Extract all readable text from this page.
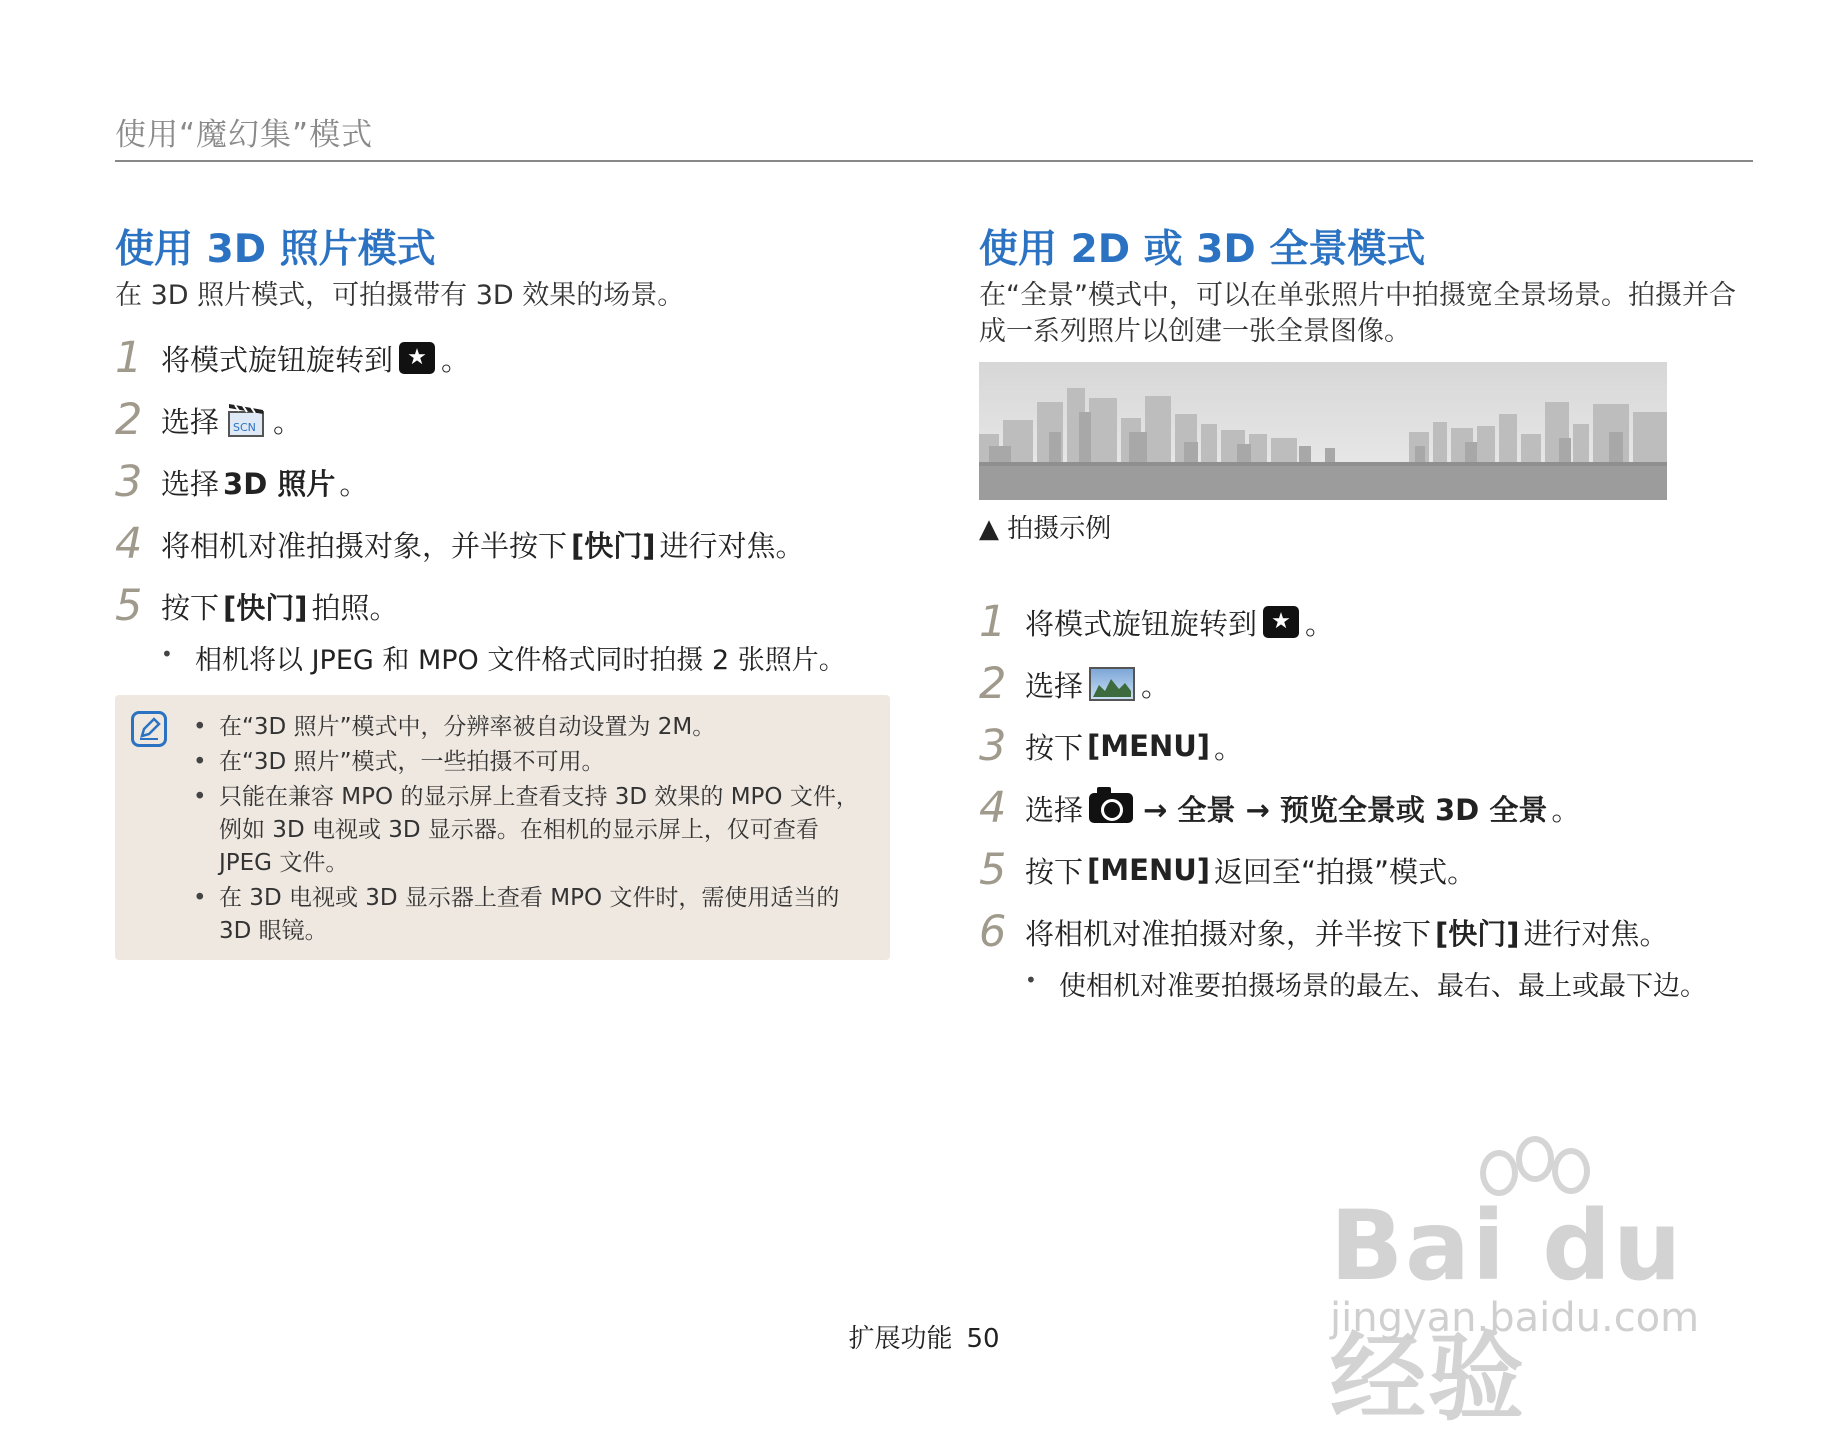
使用“魔幻集”模式
使用 3D 照片模式
在 3D 照片模式，可拍摄带有 3D 效果的场景。
1 将模式旋钮旋转到 ★ 。
2 选择 SCN 。
3 选择 3D 照片 。
4 将相机对准拍摄对象，并半按下 [快门] 进行对焦。
5 按下 [快门] 拍照。
• 相机将以 JPEG 和 MPO 文件格式同时拍摄 2 张照片。
• 在“3D 照片”模式中，分辨率被自动设置为 2M。
• 在“3D 照片”模式，一些拍摄不可用。
• 只能在兼容 MPO 的显示屏上查看支持 3D 效果的 MPO 文件，例如 3D 电视或 3D 显示器。在相机的显示屏上，仅可查看 JPEG 文件。
• 在 3D 电视或 3D 显示器上查看 MPO 文件时，需使用适当的 3D 眼镜。
使用 2D 或 3D 全景模式
在“全景”模式中，可以在单张照片中拍摄宽全景场景。拍摄并合成一系列照片以创建一张全景图像。
▲ 拍摄示例
1 将模式旋钮旋转到 ★ 。
2 选择 。
3 按下 [MENU] 。
4 选择 → 全景 → 预览全景或 3D 全景 。
5 按下 [MENU] 返回至“拍摄”模式。
6 将相机对准拍摄对象，并半按下 [快门] 进行对焦。
• 使相机对准要拍摄场景的最左、最右、最上或最下边。
扩展功能 50
Bai du 经验
jingyan.baidu.com
